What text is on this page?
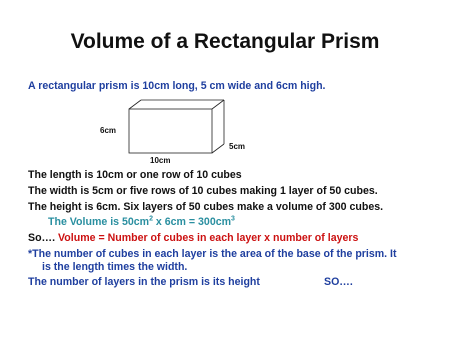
Volume of a Rectangular Prism
A rectangular prism is 10cm long, 5 cm wide and 6cm high.
6cm
5cm
10cm
The length is 10cm or one row of 10 cubes
The width is 5cm or five rows of 10 cubes making 1 layer of 50 cubes.
The height is 6cm. Six layers of 50 cubes make a volume of 300 cubes.
The Volume is $50cm^2$ x $6cm = 300cm^3$
So…. Volume = Number of cubes in each layer x number of layers
*The number of cubes in each layer is the area of the base of the prism. It
is the length times the width.
The number of layers in the prism is its height	SO….
